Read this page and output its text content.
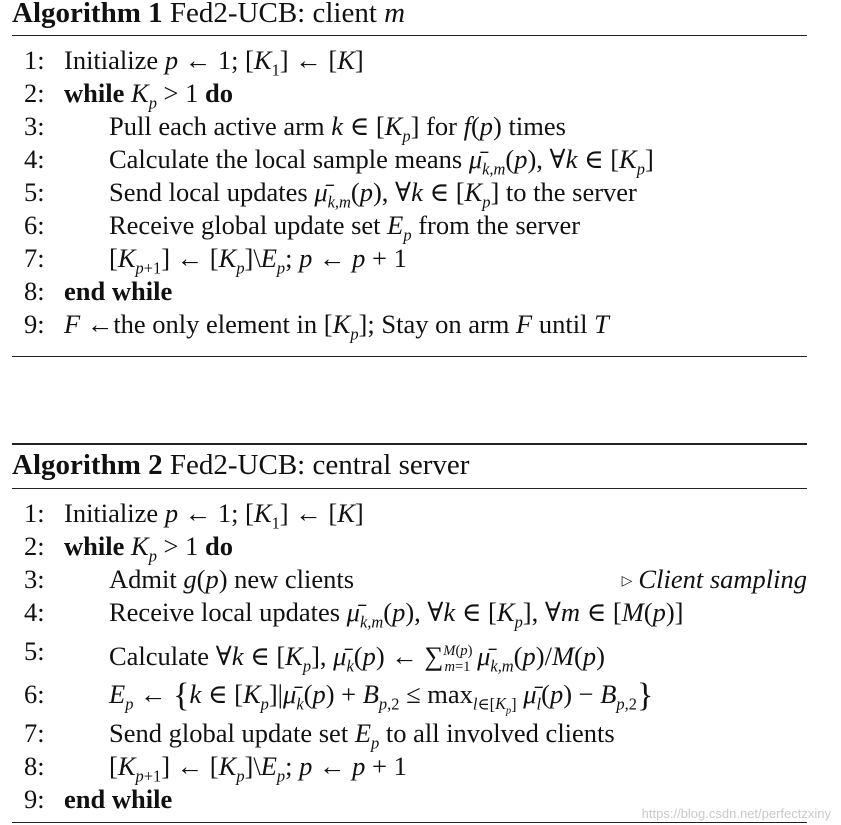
Algorithm 1 Fed2-UCB: client m
1: Initialize p ← 1; $[K_1]$ ← [K]
2: while $K_p > 1$ do
3:	Pull each active arm k ∈ $[K_p]$ for f(p) times
4:	Calculate the local sample means $\mū_{k,m}(p)$, ∀k ∈ $[K_p]$
5:	Send local updates $\mū_{k,m}(p)$, ∀k ∈ $[K_p]$ to the server
6:	Receive global update set $E_p$ from the server
7:	$[K_{p+1}]$ ← $[K_p]\backslash E_p$; p ← p + 1
8: end while
9: F ←the only element in $[K_p]$; Stay on arm F until T
Algorithm 2 Fed2-UCB: central server
1: Initialize p ← 1; $[K_1]$ ← [K]
2: while $K_p > 1$ do
3:	Admit g(p) new clients	▷ Client sampling
4:	Receive local updates $\mū_{k,m}(p)$, ∀k ∈ $[K_p]$, ∀m ∈ [M(p)]
5:	Calculate ∀k ∈ $[K_p]$, $\mū_k(p)$ ← ∑$^{M(p)}_{m=1}$ $\mū_{k,m}(p)/M(p)$
6:	$E_p$ ← {k ∈ $[K_p]|\mū_k(p) + B_{p,2} \le \max_{l\in[K_p]}$ $\mū_l(p) - B_{p,2}$}
7:	Send global update set $E_p$ to all involved clients
8:	$[K_{p+1}]$ ← $[K_p]\backslash E_p$; p ← p + 1
9: end while	https://blog.csdn.net/perfectzxiny
